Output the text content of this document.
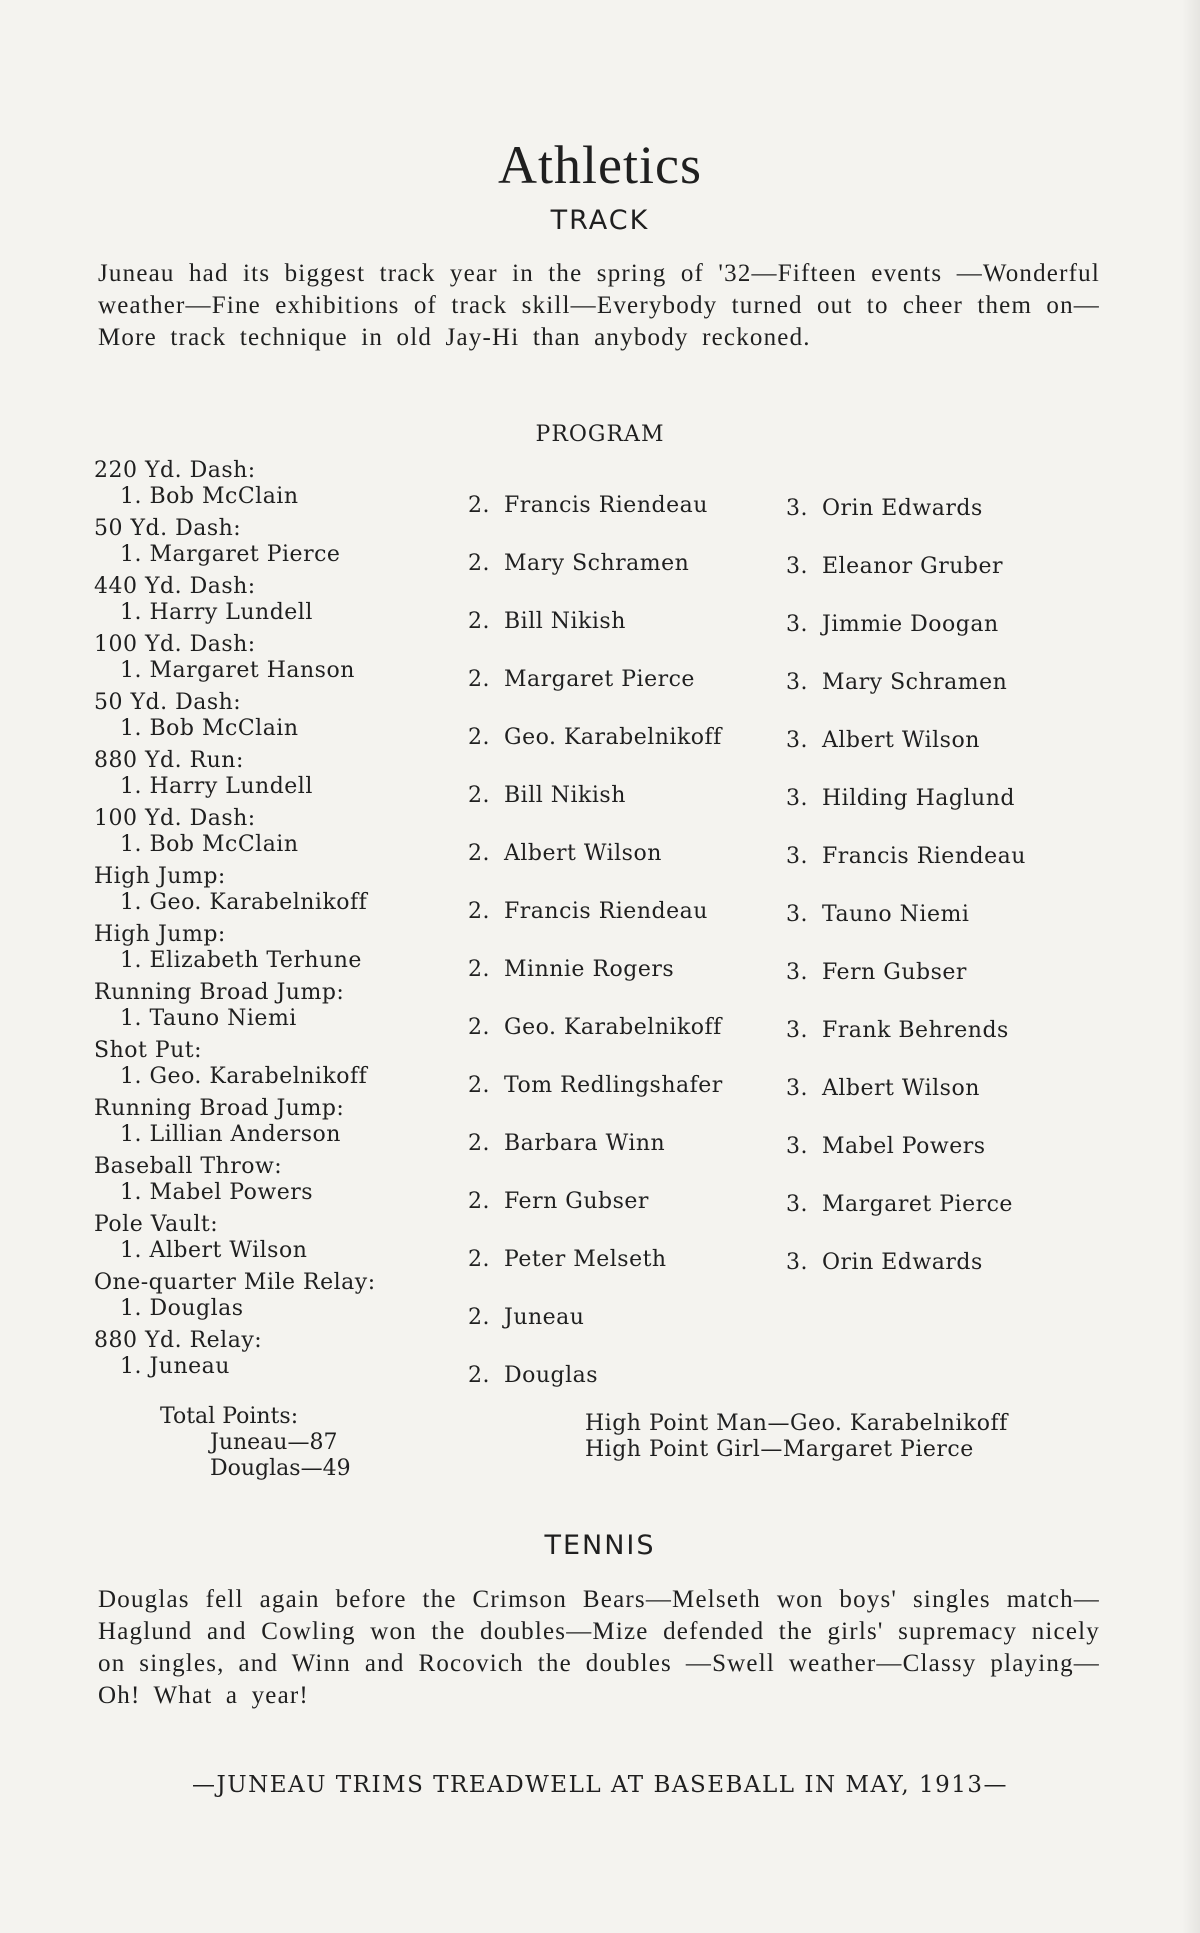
Athletics
TRACK

Juneau had its biggest track year in the spring of '32—Fifteen events —Wonderful weather—Fine exhibitions of track skill—Everybody turned out to cheer them on—More track technique in old Jay-Hi than anybody reckoned.

PROGRAM
220 Yd. Dash:
1. Bob McClain
50 Yd. Dash:
1. Margaret Pierce
440 Yd. Dash:
1. Harry Lundell
100 Yd. Dash:
1. Margaret Hanson
50 Yd. Dash:
1. Bob McClain
880 Yd. Run:
1. Harry Lundell
100 Yd. Dash:
1. Bob McClain
High Jump:
1. Geo. Karabelnikoff
High Jump:
1. Elizabeth Terhune
Running Broad Jump:
1. Tauno Niemi
Shot Put:
1. Geo. Karabelnikoff
Running Broad Jump:
1. Lillian Anderson
Baseball Throw:
1. Mabel Powers
Pole Vault:
1. Albert Wilson
One-quarter Mile Relay:
1. Douglas
880 Yd. Relay:
1. Juneau
2. Francis Riendeau
2. Mary Schramen
2. Bill Nikish
2. Margaret Pierce
2. Geo. Karabelnikoff
2. Bill Nikish
2. Albert Wilson
2. Francis Riendeau
2. Minnie Rogers
2. Geo. Karabelnikoff
2. Tom Redlingshafer
2. Barbara Winn
2. Fern Gubser
2. Peter Melseth
2. Juneau
2. Douglas
3. Orin Edwards
3. Eleanor Gruber
3. Jimmie Doogan
3. Mary Schramen
3. Albert Wilson
3. Hilding Haglund
3. Francis Riendeau
3. Tauno Niemi
3. Fern Gubser
3. Frank Behrends
3. Albert Wilson
3. Mabel Powers
3. Margaret Pierce
3. Orin Edwards
Total Points:
Juneau—87
Douglas—49
High Point Man—Geo. Karabelnikoff
High Point Girl—Margaret Pierce
TENNIS

Douglas fell again before the Crimson Bears—Melseth won boys' singles match—Haglund and Cowling won the doubles—Mize defended the girls' supremacy nicely on singles, and Winn and Rocovich the doubles —Swell weather—Classy playing—Oh! What a year!

—JUNEAU TRIMS TREADWELL AT BASEBALL IN MAY, 1913—
